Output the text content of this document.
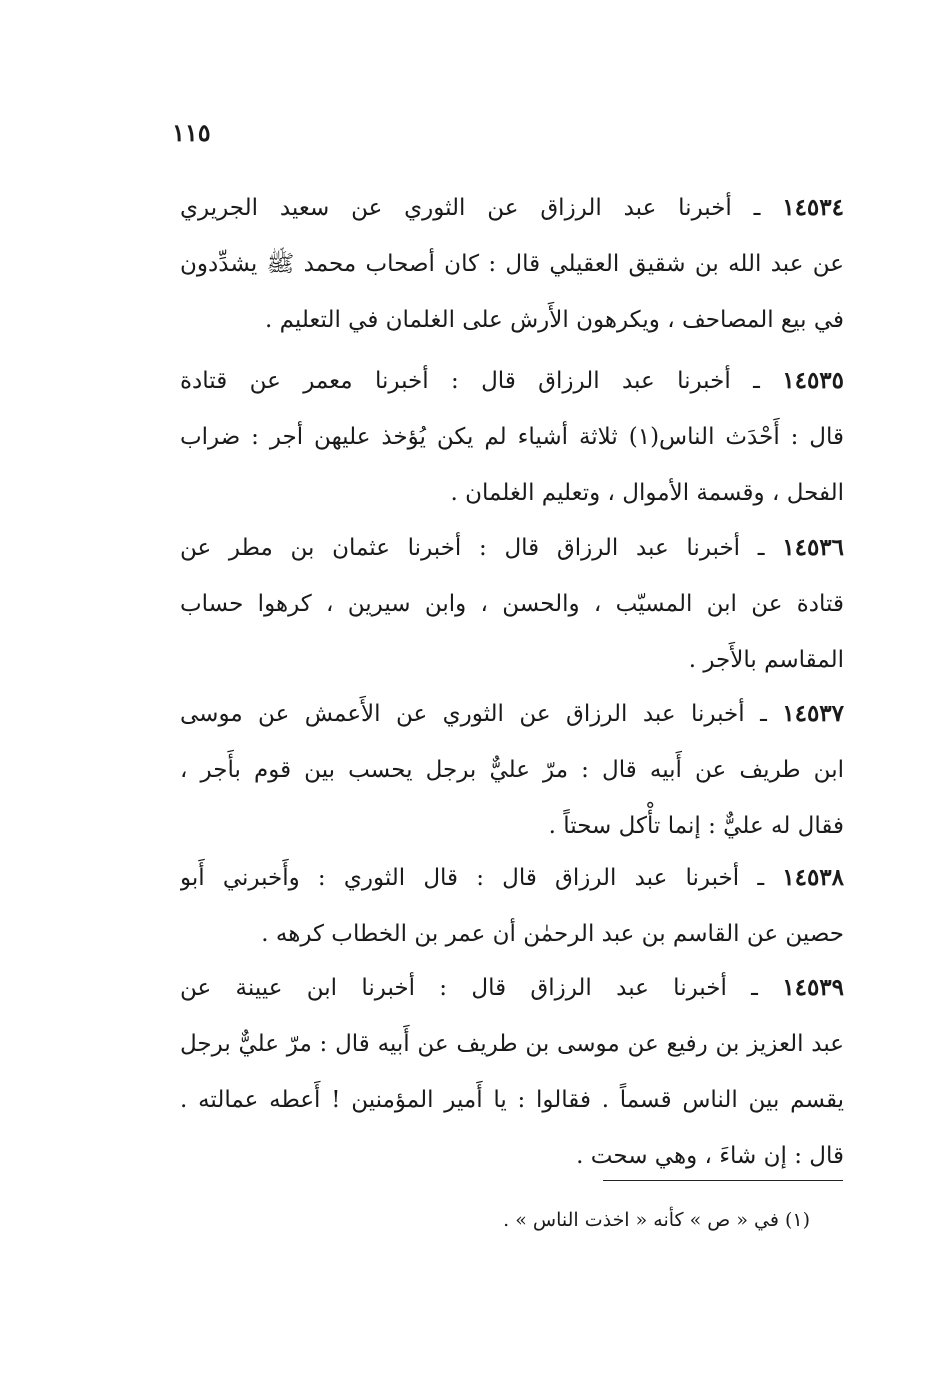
١١٥
١٤٥٣٤ ـ أخبرنا عبد الرزاق عن الثوري عن سعيد الجريري
عن عبد الله بن شقيق العقيلي قال : كان أصحاب محمد ﷺ يشدِّدون
في بيع المصاحف ، ويكرهون الأَرش على الغلمان في التعليم .
١٤٥٣٥ ـ أخبرنا عبد الرزاق قال : أخبرنا معمر عن قتادة
قال : أَحْدَث الناس(١) ثلاثة أشياء لم يكن يُؤخذ عليهن أجر : ضراب
الفحل ، وقسمة الأموال ، وتعليم الغلمان .
١٤٥٣٦ ـ أخبرنا عبد الرزاق قال : أخبرنا عثمان بن مطر عن
قتادة عن ابن المسيّب ، والحسن ، وابن سيرين ، كرهوا حساب
المقاسم بالأَجر .
١٤٥٣٧ ـ أخبرنا عبد الرزاق عن الثوري عن الأَعمش عن موسى
ابن طريف عن أَبيه قال : مرّ عليٌّ برجل يحسب بين قوم بأَجر ،
فقال له عليٌّ : إنما تأْكل سحتاً .
١٤٥٣٨ ـ أخبرنا عبد الرزاق قال : قال الثوري : وأَخبرني أَبو
حصين عن القاسم بن عبد الرحمٰن أن عمر بن الخطاب كرهه .
١٤٥٣٩ ـ أخبرنا عبد الرزاق قال : أخبرنا ابن عيينة عن
عبد العزيز بن رفيع عن موسى بن طريف عن أَبيه قال : مرّ عليٌّ برجل
يقسم بين الناس قسماً . فقالوا : يا أَمير المؤمنين ! أَعطه عمالته .
قال : إن شاءَ ، وهي سحت .
(١) في « ص » كأنه « اخذت الناس » .
